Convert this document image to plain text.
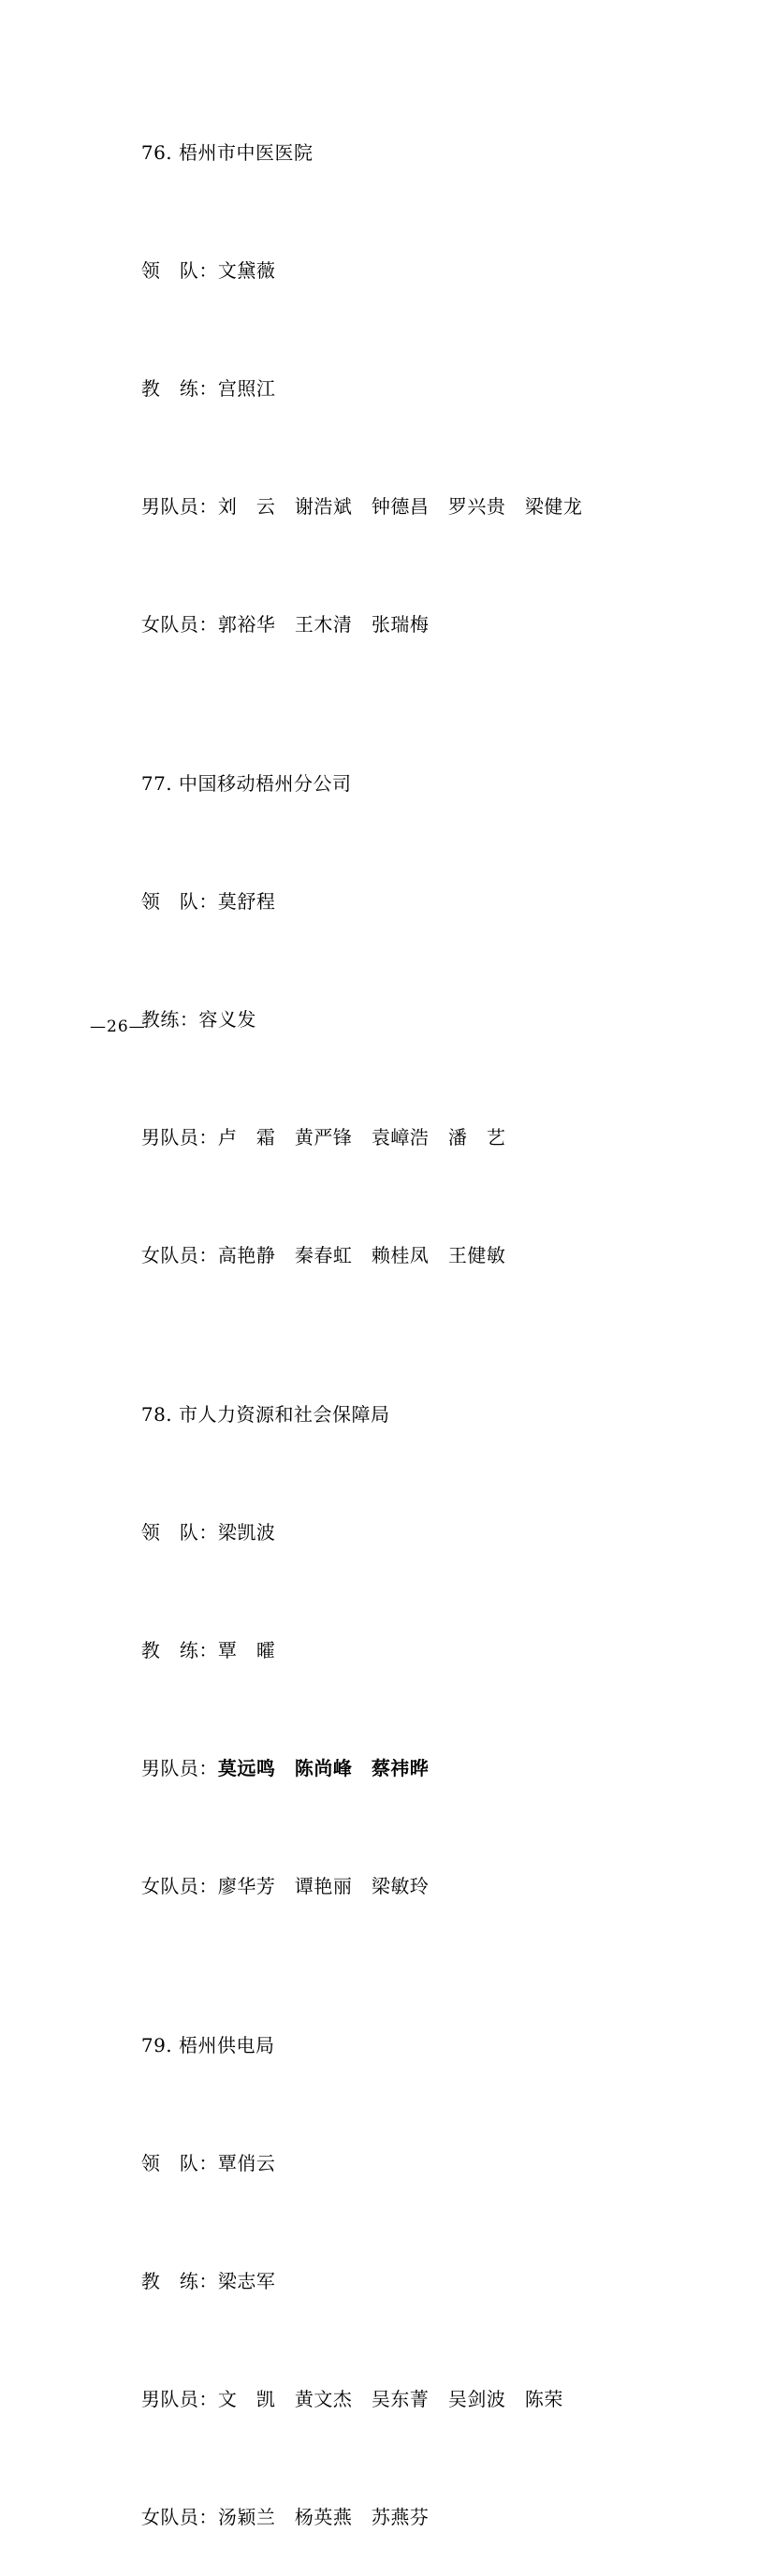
76. 梧州市中医医院

领　队：文黛薇

教　练：宫照江

男队员：刘　云　谢浩斌　钟德昌　罗兴贵　梁健龙

女队员：郭裕华　王木清　张瑞梅

77. 中国移动梧州分公司

领　队：莫舒程

教练：容义发

男队员：卢　霜　黄严锋　袁嶂浩　潘　艺

女队员：高艳静　秦春虹　赖桂凤　王健敏

78. 市人力资源和社会保障局

领　队：梁凯波

教　练：覃　曤

男队员：莫远鸣　陈尚峰　蔡祎晔

女队员：廖华芳　谭艳丽　梁敏玲

79. 梧州供电局

领　队：覃俏云

教　练：梁志军

男队员：文　凯　黄文杰　吴东菁　吴剑波　陈荣

女队员：汤颖兰　杨英燕　苏燕芬

—26—
